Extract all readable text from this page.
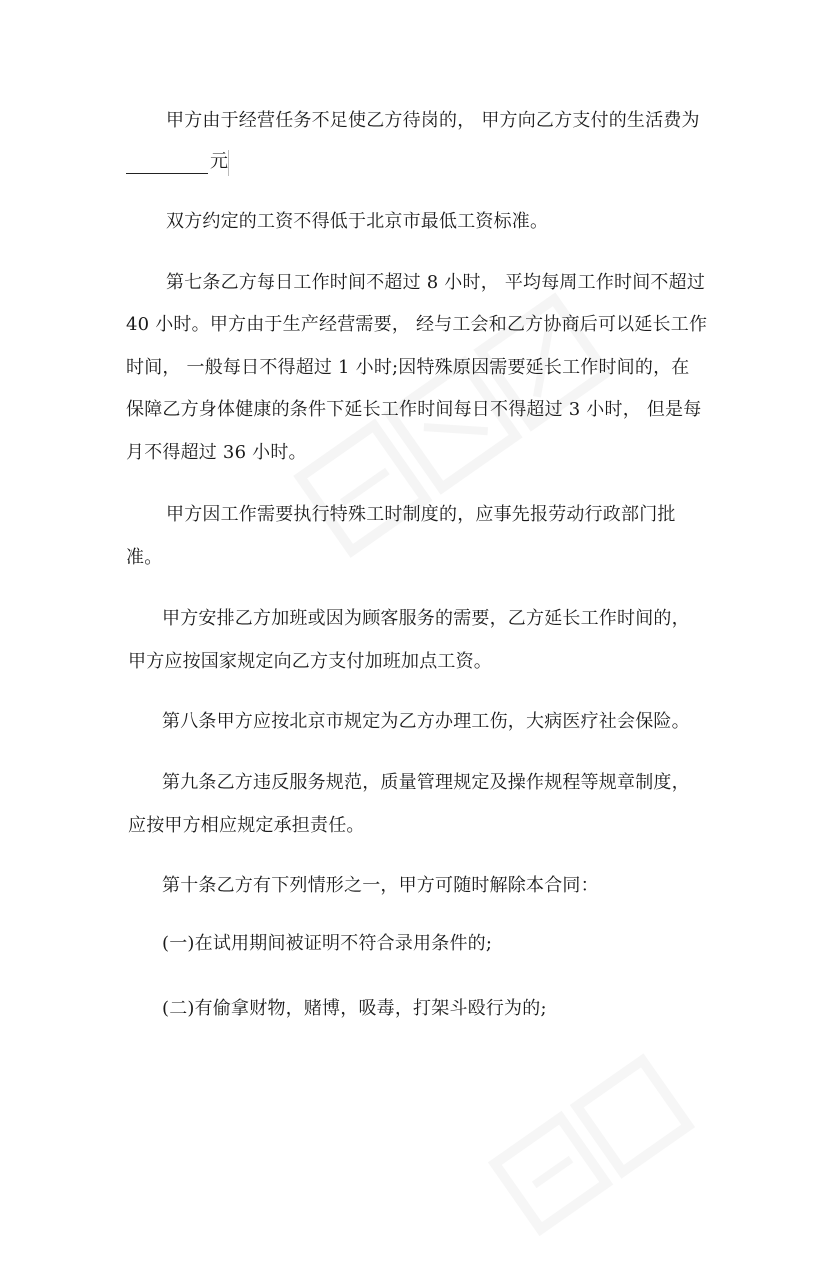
甲方由于经营任务不足使乙方待岗的， 甲方向乙方支付的生活费为
元
双方约定的工资不得低于北京市最低工资标准。
第七条乙方每日工作时间不超过 8 小时， 平均每周工作时间不超过
40 小时。甲方由于生产经营需要， 经与工会和乙方协商后可以延长工作
时间， 一般每日不得超过 1 小时;因特殊原因需要延长工作时间的，在
保障乙方身体健康的条件下延长工作时间每日不得超过 3 小时， 但是每
月不得超过 36 小时。
甲方因工作需要执行特殊工时制度的，应事先报劳动行政部门批
准。
甲方安排乙方加班或因为顾客服务的需要，乙方延长工作时间的，
甲方应按国家规定向乙方支付加班加点工资。
第八条甲方应按北京市规定为乙方办理工伤，大病医疗社会保险。
第九条乙方违反服务规范，质量管理规定及操作规程等规章制度，
应按甲方相应规定承担责任。
第十条乙方有下列情形之一，甲方可随时解除本合同：
(一)在试用期间被证明不符合录用条件的;
(二)有偷拿财物，赌博，吸毒，打架斗殴行为的;
